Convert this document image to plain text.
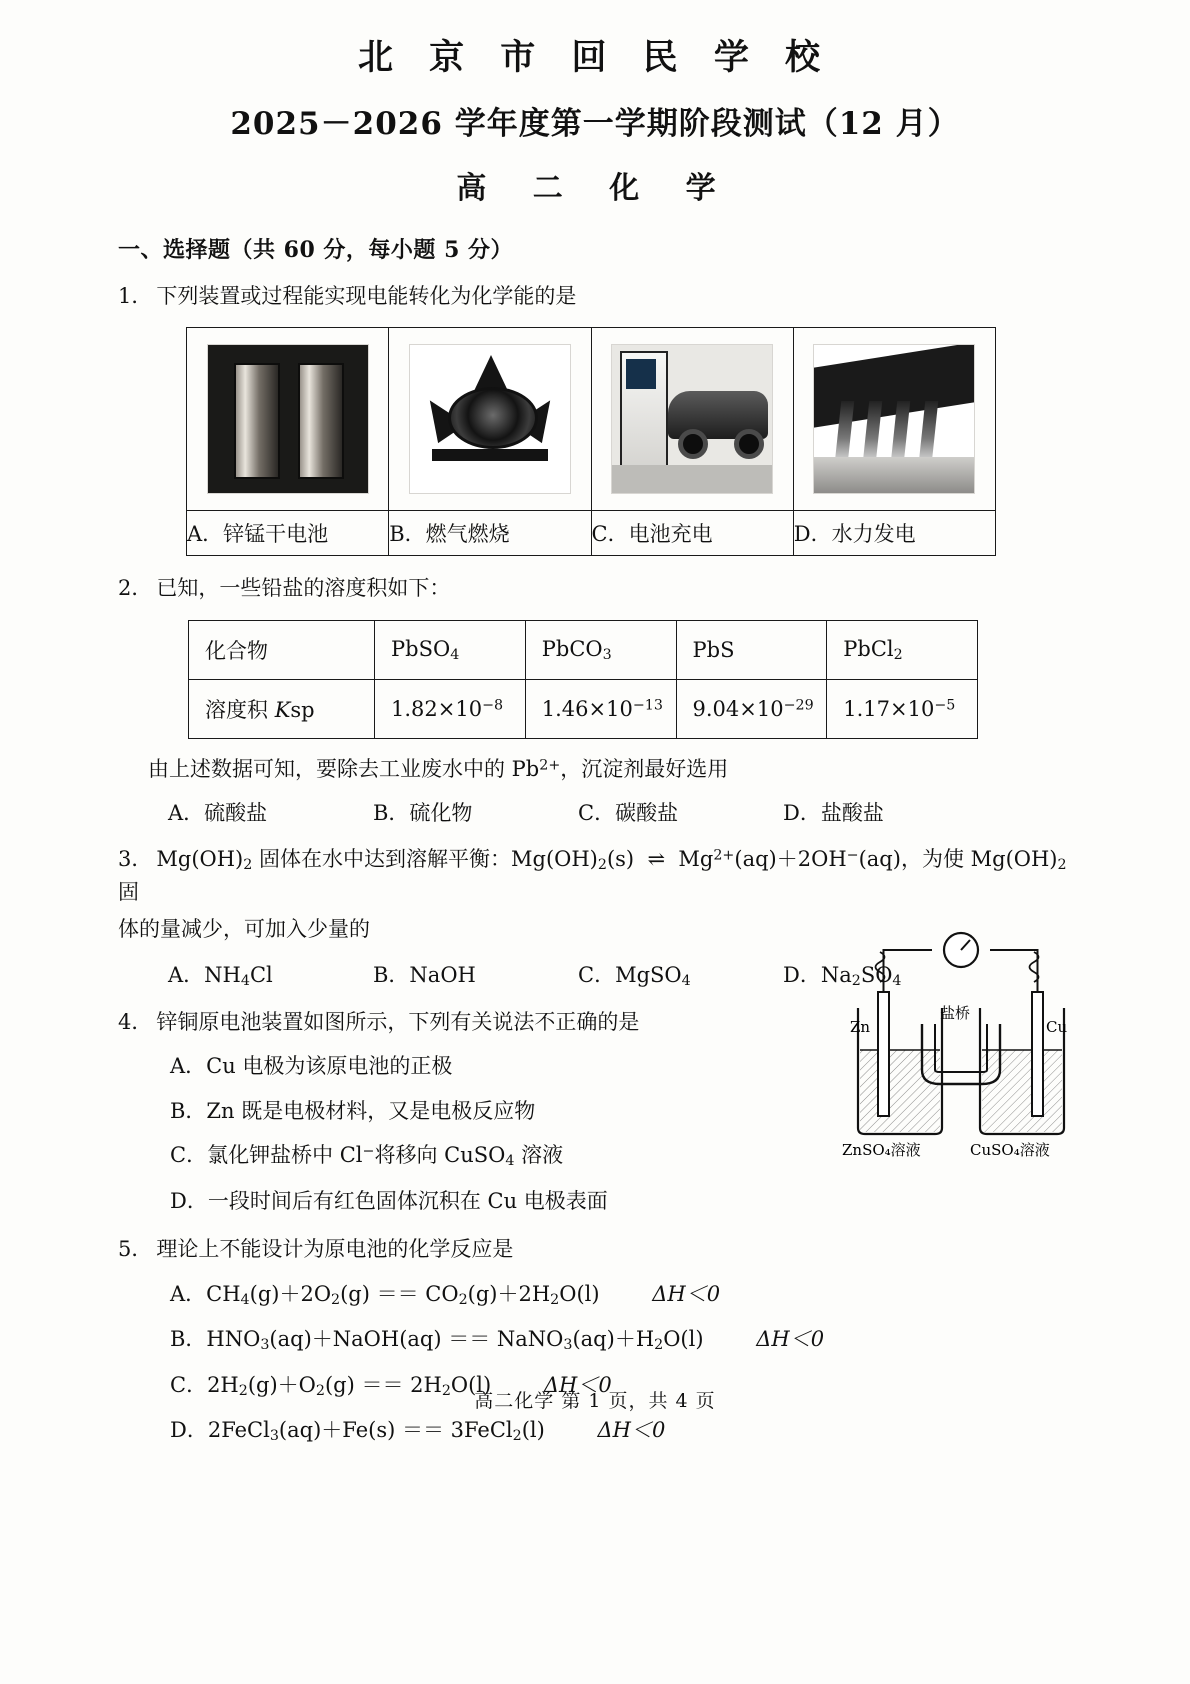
北 京 市 回 民 学 校
2025－2026 学年度第一学期阶段测试（12 月）
高 二 化 学
一、选择题（共 60 分，每小题 5 分）
1． 下列装置或过程能实现电能转化为化学能的是

A．锌锰干电池	B．燃气燃烧	C．电池充电	D．水力发电
2． 已知，一些铅盐的溶度积如下：
化合物	PbSO$_4$	PbCO$_3$	PbS	PbCl$_2$
溶度积 Ksp	$1.82\times 10^{-8}$	$1.46\times 10^{-13}$	$9.04\times 10^{-29}$	$1.17\times 10^{-5}$
由上述数据可知，要除去工业废水中的 $Pb^{2+}$，沉淀剂最好选用
A．硫酸盐	B．硫化物	C．碳酸盐	D．盐酸盐
3． $Mg(OH)_2$ 固体在水中达到溶解平衡：$Mg(OH)_2(s)$  ⇌  $Mg^{2+}(aq)+2OH^-(aq)$，为使 $Mg(OH)_2$ 固
体的量减少，可加入少量的
A．$NH_4Cl$	B．NaOH	C．MgSO$_4$	D．$Na_2SO_4$
4． 锌铜原电池装置如图所示，下列有关说法不正确的是
A．Cu 电极为该原电池的正极
B．Zn 既是电极材料，又是电极反应物
C．氯化钾盐桥中 Cl−将移向 CuSO$_4$ 溶液
D．一段时间后有红色固体沉积在 Cu 电极表面
5． 理论上不能设计为原电池的化学反应是
A．$CH_4(g)+2O_2(g) == CO_2(g)+2H_2O(l)$ ΔH＜0
B．$HNO_3(aq)+NaOH(aq)$ ＝＝ $NaNO_3(aq)+H_2O(l)$ ΔH＜0
C．$2H_2(g)+O_2(g) == 2H_2O(l)$ ΔH＜0
D．2FeCl$_3$(aq)＋Fe(s) ＝＝ 3FeCl$_2$(l) ΔH＜0
Zn	Cu
盐桥
ZnSO₄溶液	CuSO₄溶液
高二化学 第 1 页，共 4 页
